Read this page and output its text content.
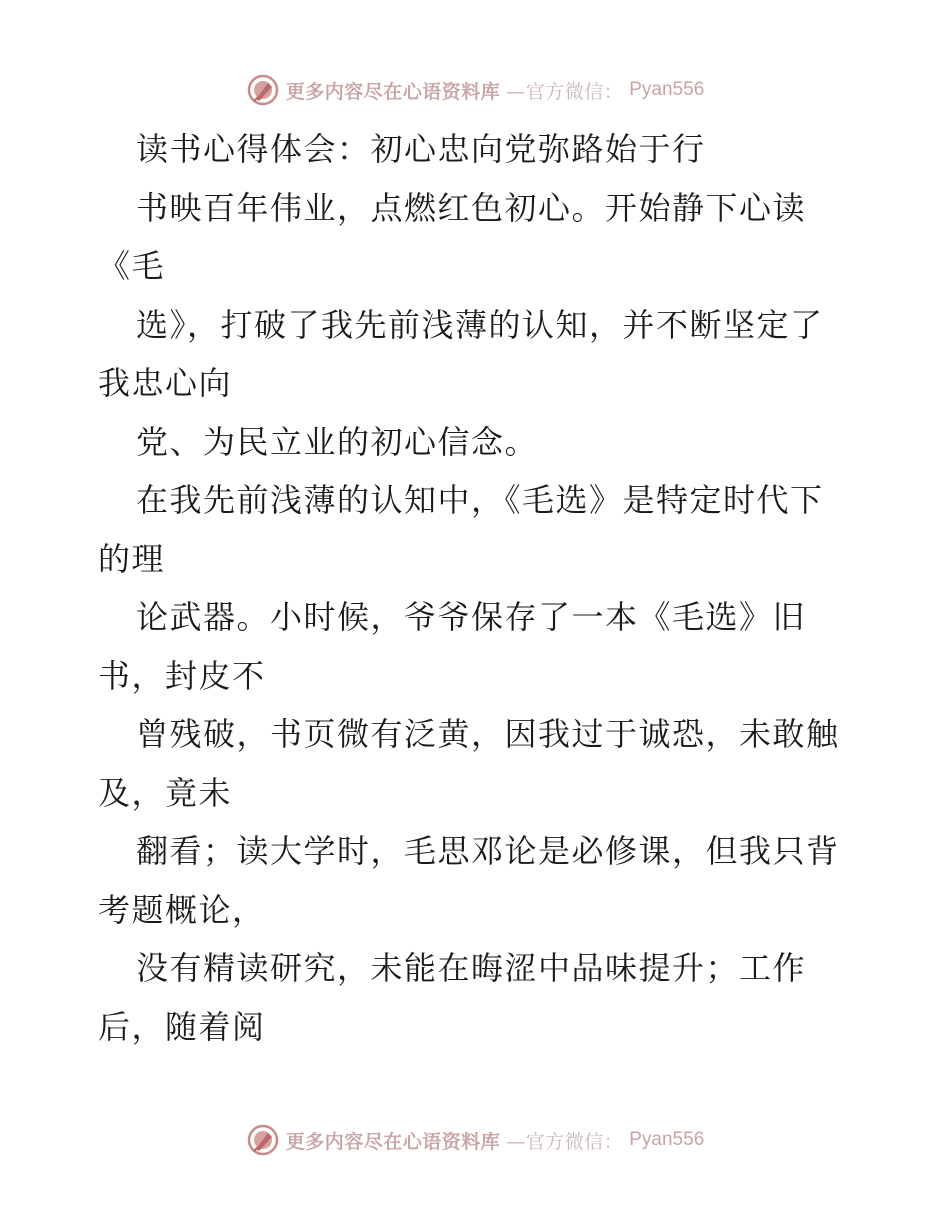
更多内容尽在心语资料库 —官方微信： Pyan556
读书心得体会：初心忠向党弥路始于行
书映百年伟业，点燃红色初心。开始静下心读
《毛
选》，打破了我先前浅薄的认知，并不断坚定了
我忠心向
党、为民立业的初心信念。
在我先前浅薄的认知中，《毛选》是特定时代下
的理
论武器。小时候，爷爷保存了一本《毛选》旧
书，封皮不
曾残破，书页微有泛黄，因我过于诚恐，未敢触
及，竟未
翻看；读大学时，毛思邓论是必修课，但我只背
考题概论，
没有精读研究，未能在晦涩中品味提升；工作
后，随着阅
更多内容尽在心语资料库 —官方微信： Pyan556
